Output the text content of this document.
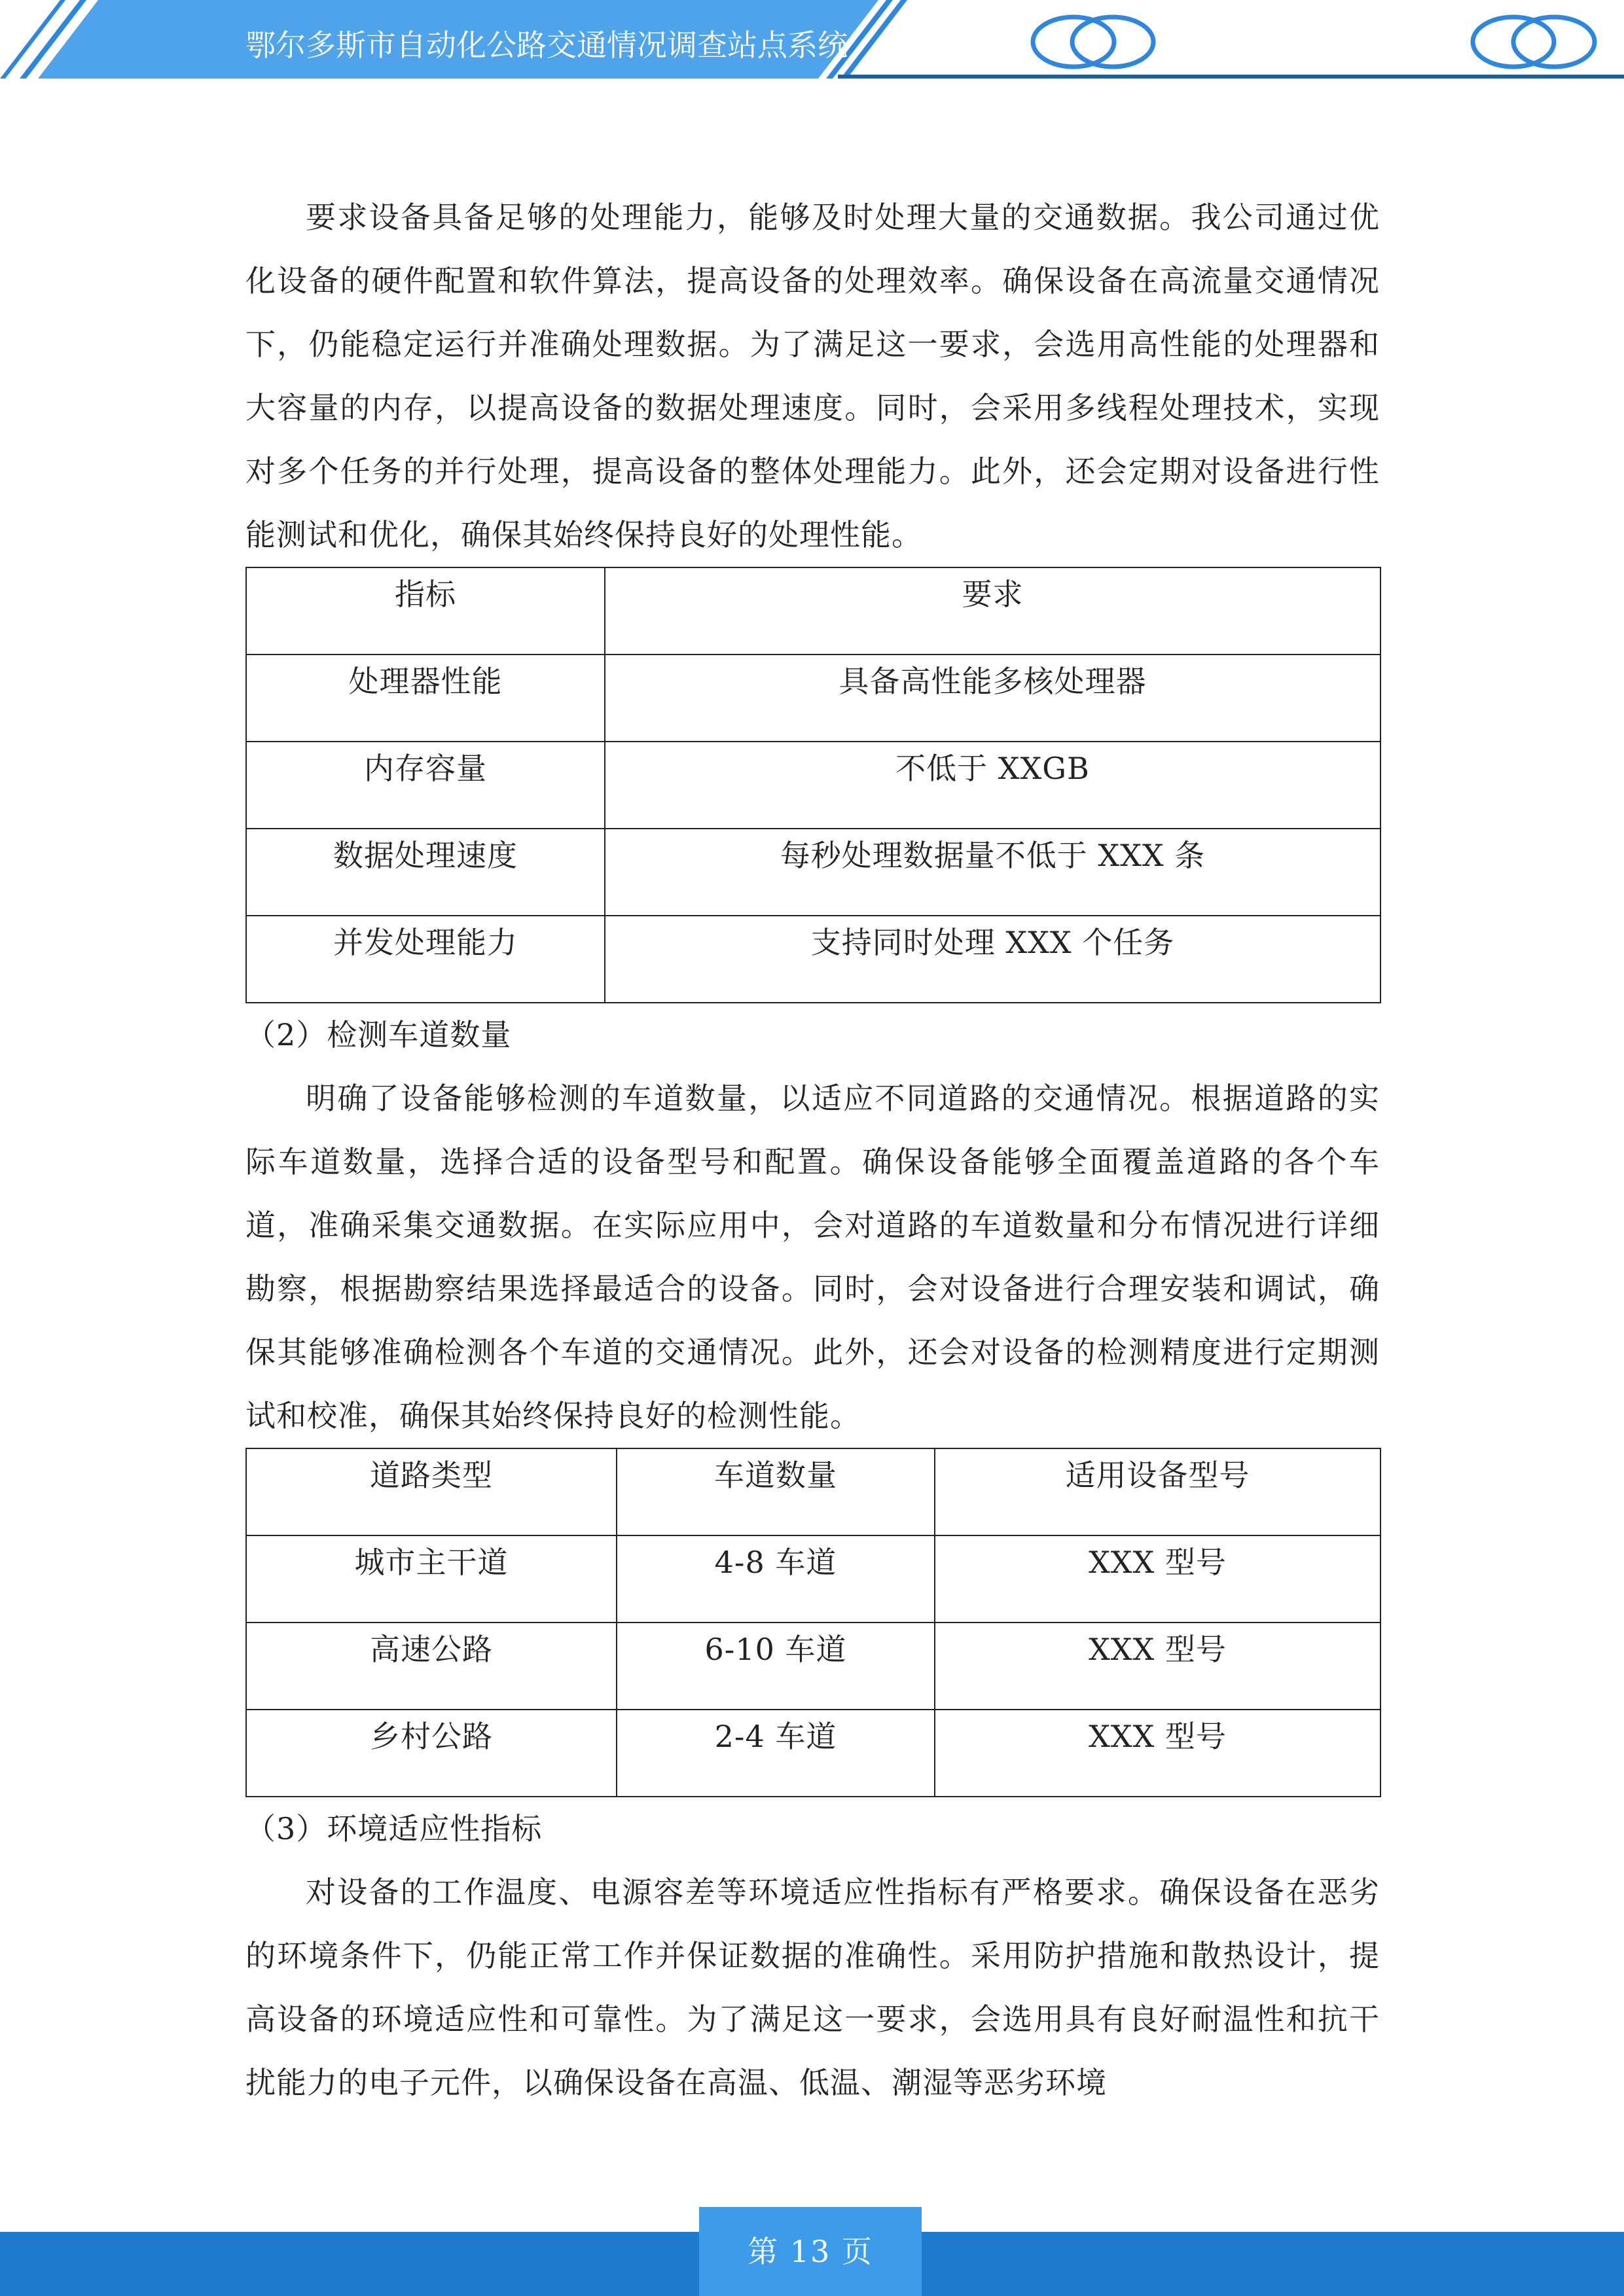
鄂尔多斯市自动化公路交通情况调查站点系统

要求设备具备足够的处理能力，能够及时处理大量的交通数据。我公司通过优化设备的硬件配置和软件算法，提高设备的处理效率。确保设备在高流量交通情况下，仍能稳定运行并准确处理数据。为了满足这一要求，会选用高性能的处理器和大容量的内存，以提高设备的数据处理速度。同时，会采用多线程处理技术，实现对多个任务的并行处理，提高设备的整体处理能力。此外，还会定期对设备进行性能测试和优化，确保其始终保持良好的处理性能。

指标	要求
处理器性能	具备高性能多核处理器
内存容量	不低于 XXGB
数据处理速度	每秒处理数据量不低于 XXX 条
并发处理能力	支持同时处理 XXX 个任务

（2）检测车道数量

明确了设备能够检测的车道数量，以适应不同道路的交通情况。根据道路的实际车道数量，选择合适的设备型号和配置。确保设备能够全面覆盖道路的各个车道，准确采集交通数据。在实际应用中，会对道路的车道数量和分布情况进行详细勘察，根据勘察结果选择最适合的设备。同时，会对设备进行合理安装和调试，确保其能够准确检测各个车道的交通情况。此外，还会对设备的检测精度进行定期测试和校准，确保其始终保持良好的检测性能。

道路类型	车道数量	适用设备型号
城市主干道	4-8 车道	XXX 型号
高速公路	6-10 车道	XXX 型号
乡村公路	2-4 车道	XXX 型号

（3）环境适应性指标

对设备的工作温度、电源容差等环境适应性指标有严格要求。确保设备在恶劣的环境条件下，仍能正常工作并保证数据的准确性。采用防护措施和散热设计，提高设备的环境适应性和可靠性。为了满足这一要求，会选用具有良好耐温性和抗干扰能力的电子元件，以确保设备在高温、低温、潮湿等恶劣环境

第 13 页
